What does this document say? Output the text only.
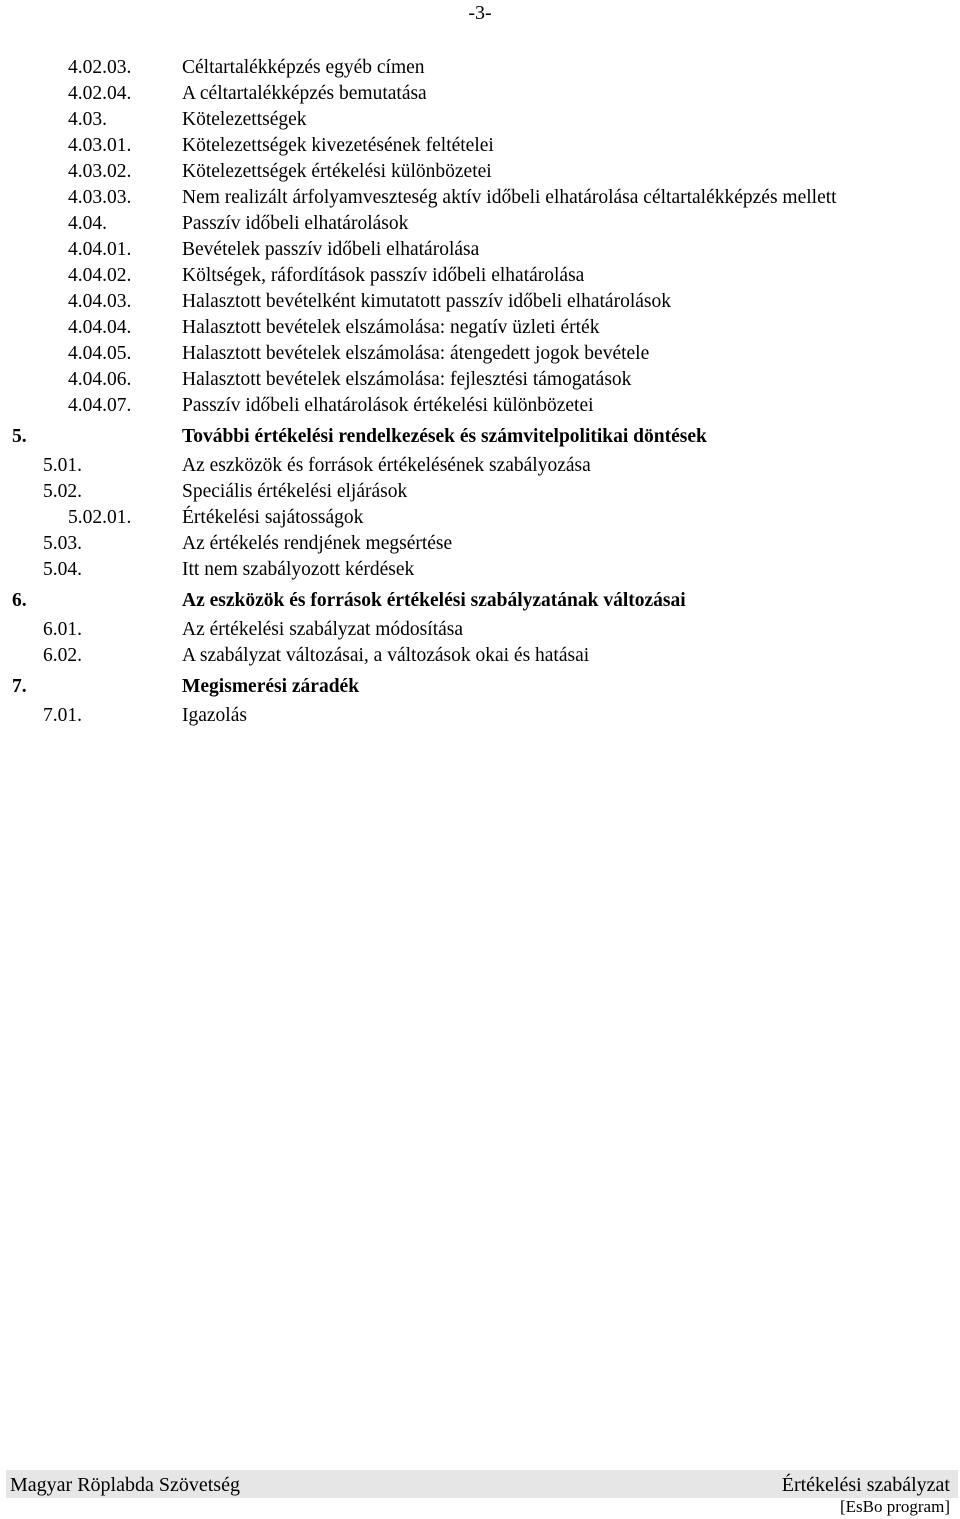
-3-
4.02.03.	Céltartalékképzés egyéb címen
4.02.04.	A céltartalékképzés bemutatása
4.03.	Kötelezettségek
4.03.01.	Kötelezettségek kivezetésének feltételei
4.03.02.	Kötelezettségek értékelési különbözetei
4.03.03.	Nem realizált árfolyamveszteség aktív időbeli elhatárolása céltartalékképzés mellett
4.04.	Passzív időbeli elhatárolások
4.04.01.	Bevételek passzív időbeli elhatárolása
4.04.02.	Költségek, ráfordítások passzív időbeli elhatárolása
4.04.03.	Halasztott bevételként kimutatott passzív időbeli elhatárolások
4.04.04.	Halasztott bevételek elszámolása: negatív üzleti érték
4.04.05.	Halasztott bevételek elszámolása: átengedett jogok bevétele
4.04.06.	Halasztott bevételek elszámolása: fejlesztési támogatások
4.04.07.	Passzív időbeli elhatárolások értékelési különbözetei
5.	További értékelési rendelkezések és számvitelpolitikai döntések
5.01.	Az eszközök és források értékelésének szabályozása
5.02.	Speciális értékelési eljárások
5.02.01.	Értékelési sajátosságok
5.03.	Az értékelés rendjének megsértése
5.04.	Itt nem szabályozott kérdések
6.	Az eszközök és források értékelési szabályzatának változásai
6.01.	Az értékelési szabályzat módosítása
6.02.	A szabályzat változásai, a változások okai és hatásai
7.	Megismerési záradék
7.01.	Igazolás
Magyar Röplabda Szövetség	Értékelési szabályzat
[EsBo program]
